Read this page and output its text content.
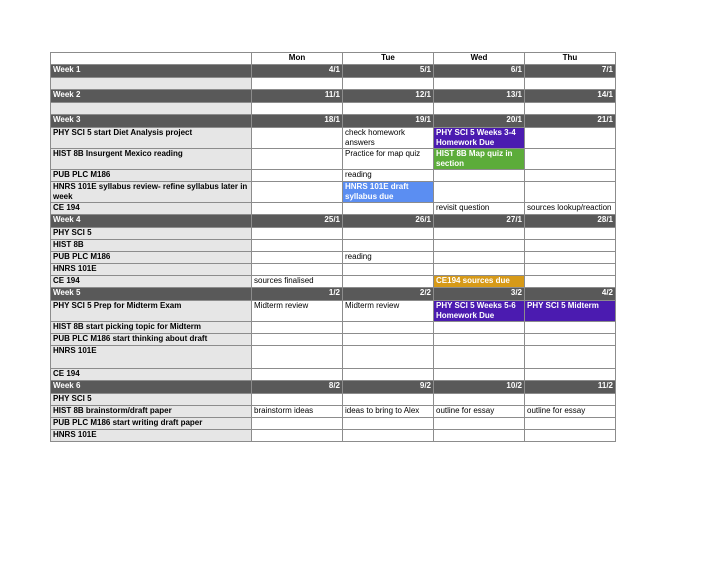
	Mon	Tue	Wed	Thu
Week 1	4/1	5/1	6/1	7/1

Week 2	11/1	12/1	13/1	14/1

Week 3	18/1	19/1	20/1	21/1
PHY SCI 5 start Diet Analysis project		check homework answers	PHY SCI 5 Weeks 3-4 Homework Due	
HIST 8B Insurgent Mexico reading		Practice for map quiz	HIST 8B Map quiz in section	
PUB PLC M186		reading		
HNRS 101E syllabus review- refine syllabus later in week		HNRS 101E draft syllabus due		
CE 194			revisit question	sources lookup/reaction
Week 4	25/1	26/1	27/1	28/1
PHY SCI 5				
HIST 8B				
PUB PLC M186		reading		
HNRS 101E				
CE 194	sources finalised		CE194 sources due	
Week 5	1/2	2/2	3/2	4/2
PHY SCI 5 Prep for Midterm Exam	Midterm review	Midterm review	PHY SCI 5 Weeks 5-6 Homework Due	PHY SCI 5 Midterm
HIST 8B start picking topic for Midterm				
PUB PLC M186 start thinking about draft				
HNRS 101E				
CE 194				
Week 6	8/2	9/2	10/2	11/2
PHY SCI 5				
HIST 8B brainstorm/draft paper	brainstorm ideas	ideas to bring to Alex	outline for essay	outline for essay
PUB PLC M186 start writing draft paper				
HNRS 101E				
